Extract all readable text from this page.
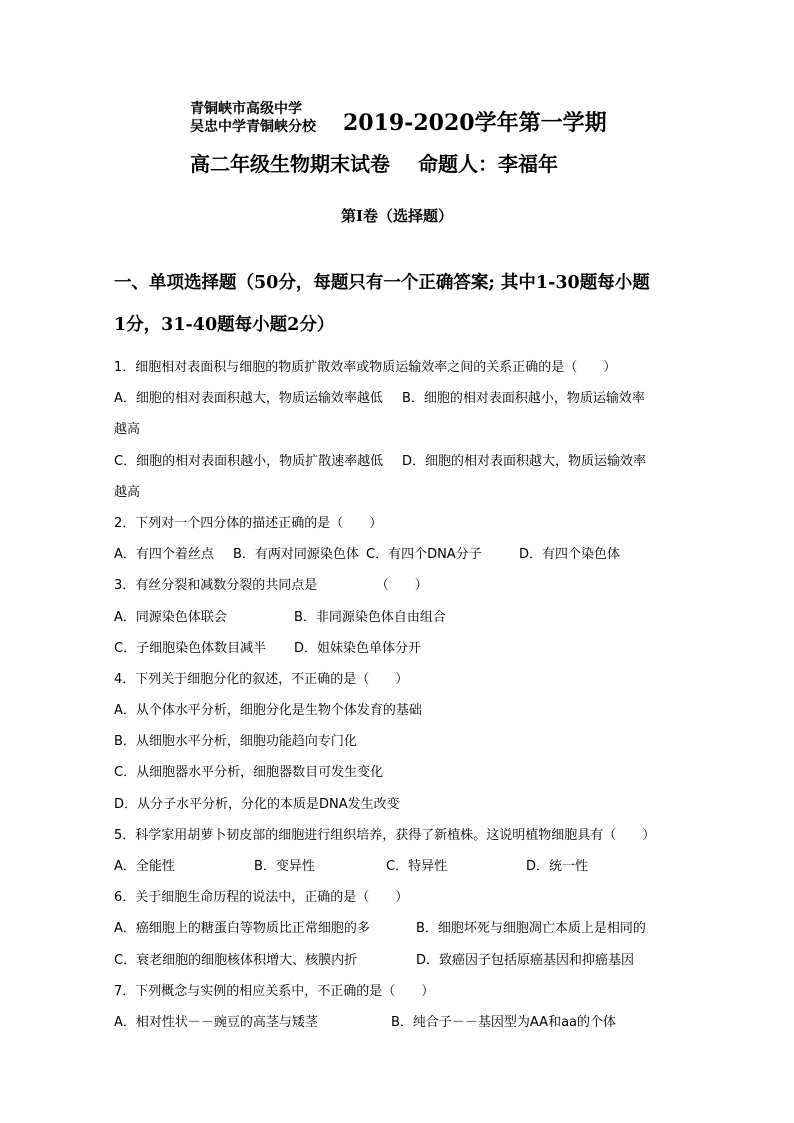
青铜峡市高级中学
吴忠中学青铜峡分校	2019-2020学年第一学期
高二年级生物期末试卷 命题人：李福年
第Ⅰ卷（选择题）
一、单项选择题（50分，每题只有一个正确答案; 其中1-30题每小题
1分，31-40题每小题2分）
1．细胞相对表面积与细胞的物质扩散效率或物质运输效率之间的关系正确的是（　　）
A．细胞的相对表面积越大，物质运输效率越低 B．细胞的相对表面积越小，物质运输效率
越高
C．细胞的相对表面积越小，物质扩散速率越低 D．细胞的相对表面积越大，物质运输效率
越高
2．下列对一个四分体的描述正确的是（　　）
A．有四个着丝点 B．有两对同源染色体 C．有四个DNA分子	D．有四个染色体
3．有丝分裂和减数分裂的共同点是　　　　　（　　）
A．同源染色体联会	B．非同源染色体自由组合
C．子细胞染色体数目减半 D．姐妹染色单体分开
4．下列关于细胞分化的叙述，不正确的是（　　）
A．从个体水平分析，细胞分化是生物个体发育的基础
B．从细胞水平分析，细胞功能趋向专门化
C．从细胞器水平分析，细胞器数目可发生变化
D．从分子水平分析，分化的本质是DNA发生改变
5．科学家用胡萝卜韧皮部的细胞进行组织培养，获得了新植株。这说明植物细胞具有（　　）
A．全能性	B．变异性	C．特异性	D．统一性
6．关于细胞生命历程的说法中，正确的是（　　）
A．癌细胞上的糖蛋白等物质比正常细胞的多	B．细胞坏死与细胞凋亡本质上是相同的
C．衰老细胞的细胞核体积增大、核膜内折	D．致癌因子包括原癌基因和抑癌基因
7．下列概念与实例的相应关系中，不正确的是（　　）
A．相对性状－－豌豆的高茎与矮茎	B．纯合子－－基因型为AA和aa的个体
